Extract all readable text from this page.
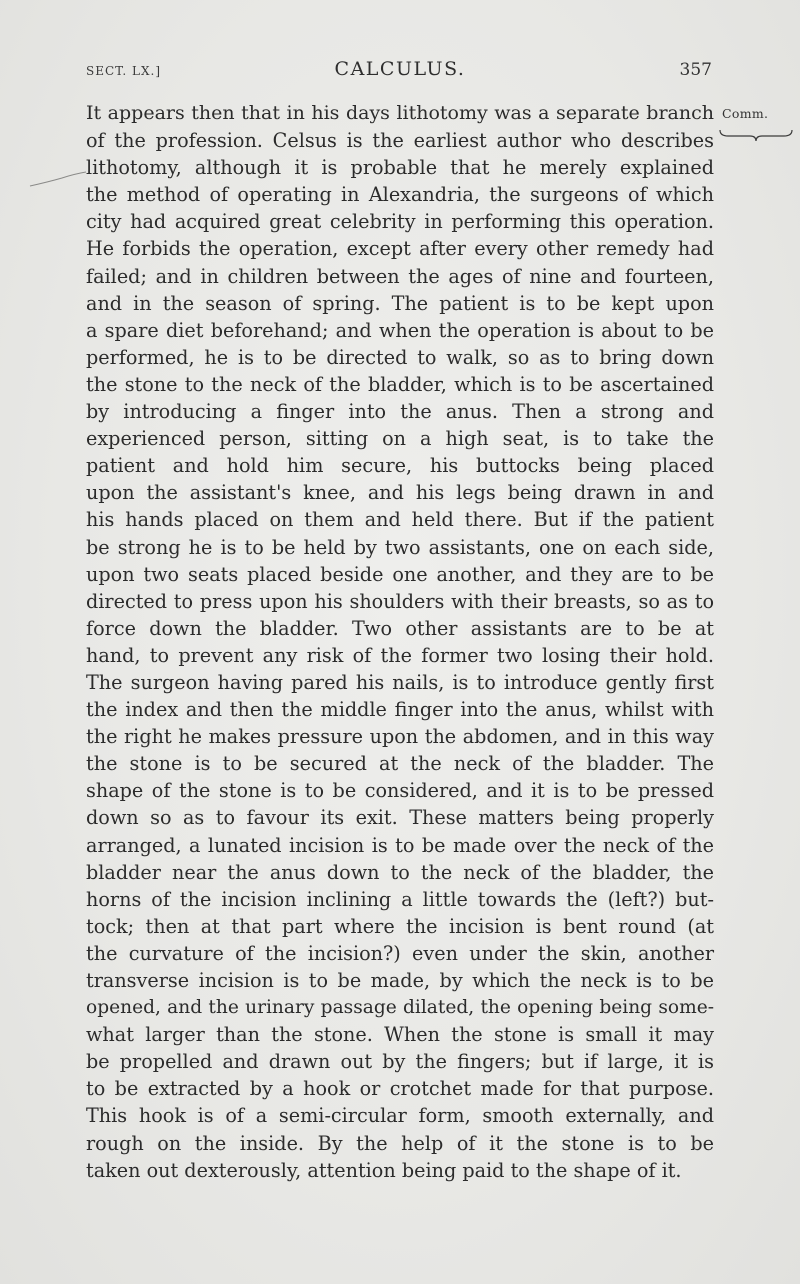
SECT. LX.]	CALCULUS.	357
Comm.
It appears then that in his days lithotomy was a separate branch
of the profession. Celsus is the earliest author who describes
lithotomy, although it is probable that he merely explained
the method of operating in Alexandria, the surgeons of which
city had acquired great celebrity in performing this operation.
He forbids the operation, except after every other remedy had
failed; and in children between the ages of nine and fourteen,
and in the season of spring. The patient is to be kept upon
a spare diet beforehand; and when the operation is about to be
performed, he is to be directed to walk, so as to bring down
the stone to the neck of the bladder, which is to be ascertained
by introducing a finger into the anus. Then a strong and
experienced person, sitting on a high seat, is to take the
patient and hold him secure, his buttocks being placed
upon the assistant's knee, and his legs being drawn in and
his hands placed on them and held there. But if the patient
be strong he is to be held by two assistants, one on each side,
upon two seats placed beside one another, and they are to be
directed to press upon his shoulders with their breasts, so as to
force down the bladder. Two other assistants are to be at
hand, to prevent any risk of the former two losing their hold.
The surgeon having pared his nails, is to introduce gently first
the index and then the middle finger into the anus, whilst with
the right he makes pressure upon the abdomen, and in this way
the stone is to be secured at the neck of the bladder. The
shape of the stone is to be considered, and it is to be pressed
down so as to favour its exit. These matters being properly
arranged, a lunated incision is to be made over the neck of the
bladder near the anus down to the neck of the bladder, the
horns of the incision inclining a little towards the (left?) but-
tock; then at that part where the incision is bent round (at
the curvature of the incision?) even under the skin, another
transverse incision is to be made, by which the neck is to be
opened, and the urinary passage dilated, the opening being some-
what larger than the stone. When the stone is small it may
be propelled and drawn out by the fingers; but if large, it is
to be extracted by a hook or crotchet made for that purpose.
This hook is of a semi-circular form, smooth externally, and
rough on the inside. By the help of it the stone is to be
taken out dexterously, attention being paid to the shape of it.
